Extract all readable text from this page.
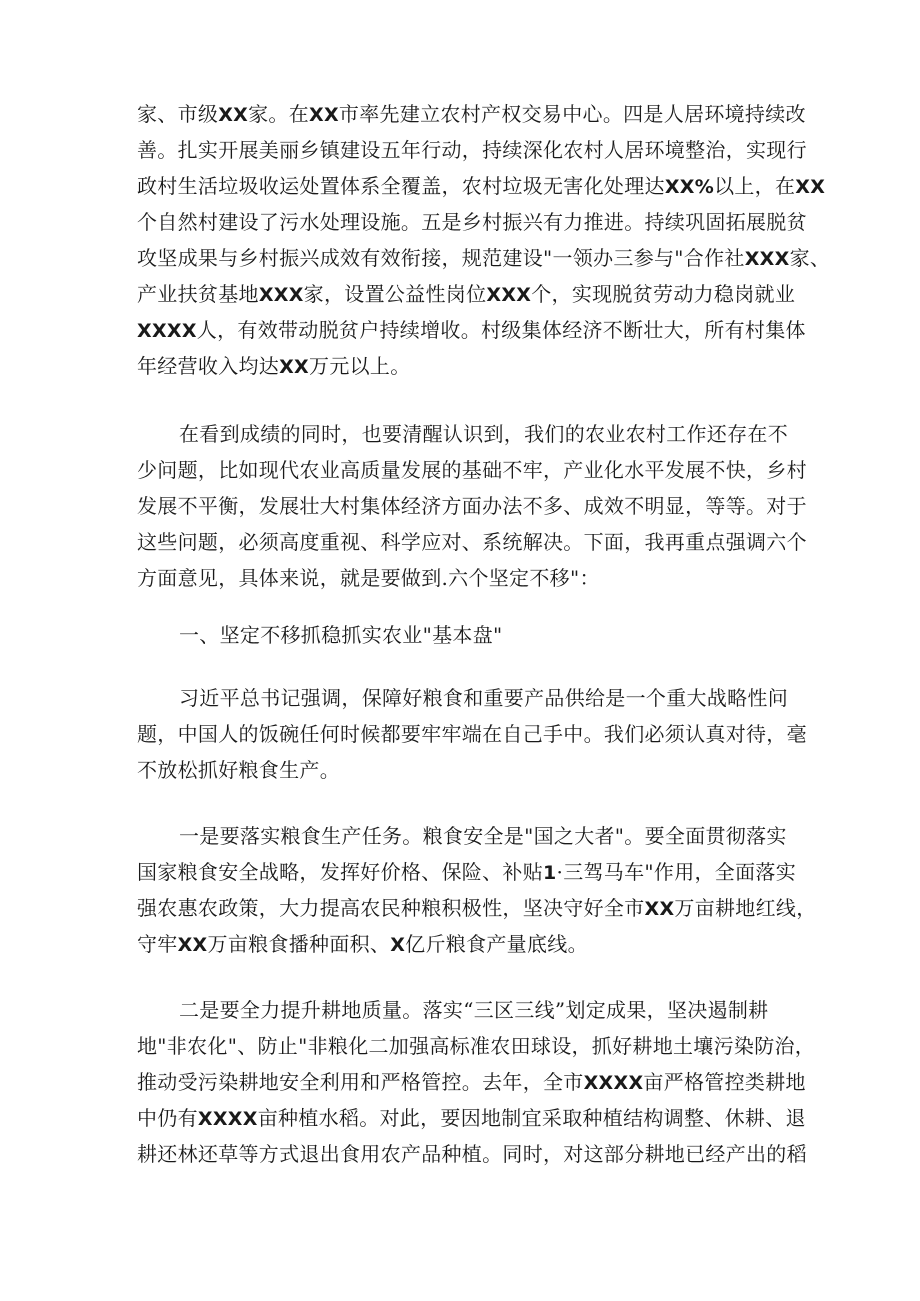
家、市级XX家。在XX市率先建立农村产权交易中心。四是人居环境持续改
善。扎实开展美丽乡镇建设五年行动，持续深化农村人居环境整治，实现行
政村生活垃圾收运处置体系全覆盖，农村垃圾无害化处理达XX%以上，在XX
个自然村建设了污水处理设施。五是乡村振兴有力推进。持续巩固拓展脱贫
攻坚成果与乡村振兴成效有效衔接，规范建设"一领办三参与"合作社XXX家、
产业扶贫基地XXX家，设置公益性岗位XXX个，实现脱贫劳动力稳岗就业
XXXX人，有效带动脱贫户持续增收。村级集体经济不断壮大，所有村集体
年经营收入均达XX万元以上。
在看到成绩的同时，也要清醒认识到，我们的农业农村工作还存在不
少问题，比如现代农业高质量发展的基础不牢，产业化水平发展不快，乡村
发展不平衡，发展壮大村集体经济方面办法不多、成效不明显，等等。对于
这些问题，必须高度重视、科学应对、系统解决。下面，我再重点强调六个
方面意见，具体来说，就是要做到.六个坚定不移"：
一、坚定不移抓稳抓实农业"基本盘"
习近平总书记强调，保障好粮食和重要产品供给是一个重大战略性问
题，中国人的饭碗任何时候都要牢牢端在自己手中。我们必须认真对待，毫
不放松抓好粮食生产。
一是要落实粮食生产任务。粮食安全是"国之大者"。要全面贯彻落实
国家粮食安全战略，发挥好价格、保险、补贴1·三驾马车"作用，全面落实
强农惠农政策，大力提高农民种粮积极性，坚决守好全市XX万亩耕地红线，
守牢XX万亩粮食播种面积、X亿斤粮食产量底线。
二是要全力提升耕地质量。落实“三区三线”划定成果，坚决遏制耕
地"非农化"、防止"非粮化二加强高标准农田球设，抓好耕地土壤污染防治，
推动受污染耕地安全利用和严格管控。去年，全市XXXX亩严格管控类耕地
中仍有XXXX亩种植水稻。对此，要因地制宜采取种植结构调整、休耕、退
耕还林还草等方式退出食用农产品种植。同时，对这部分耕地已经产出的稻
